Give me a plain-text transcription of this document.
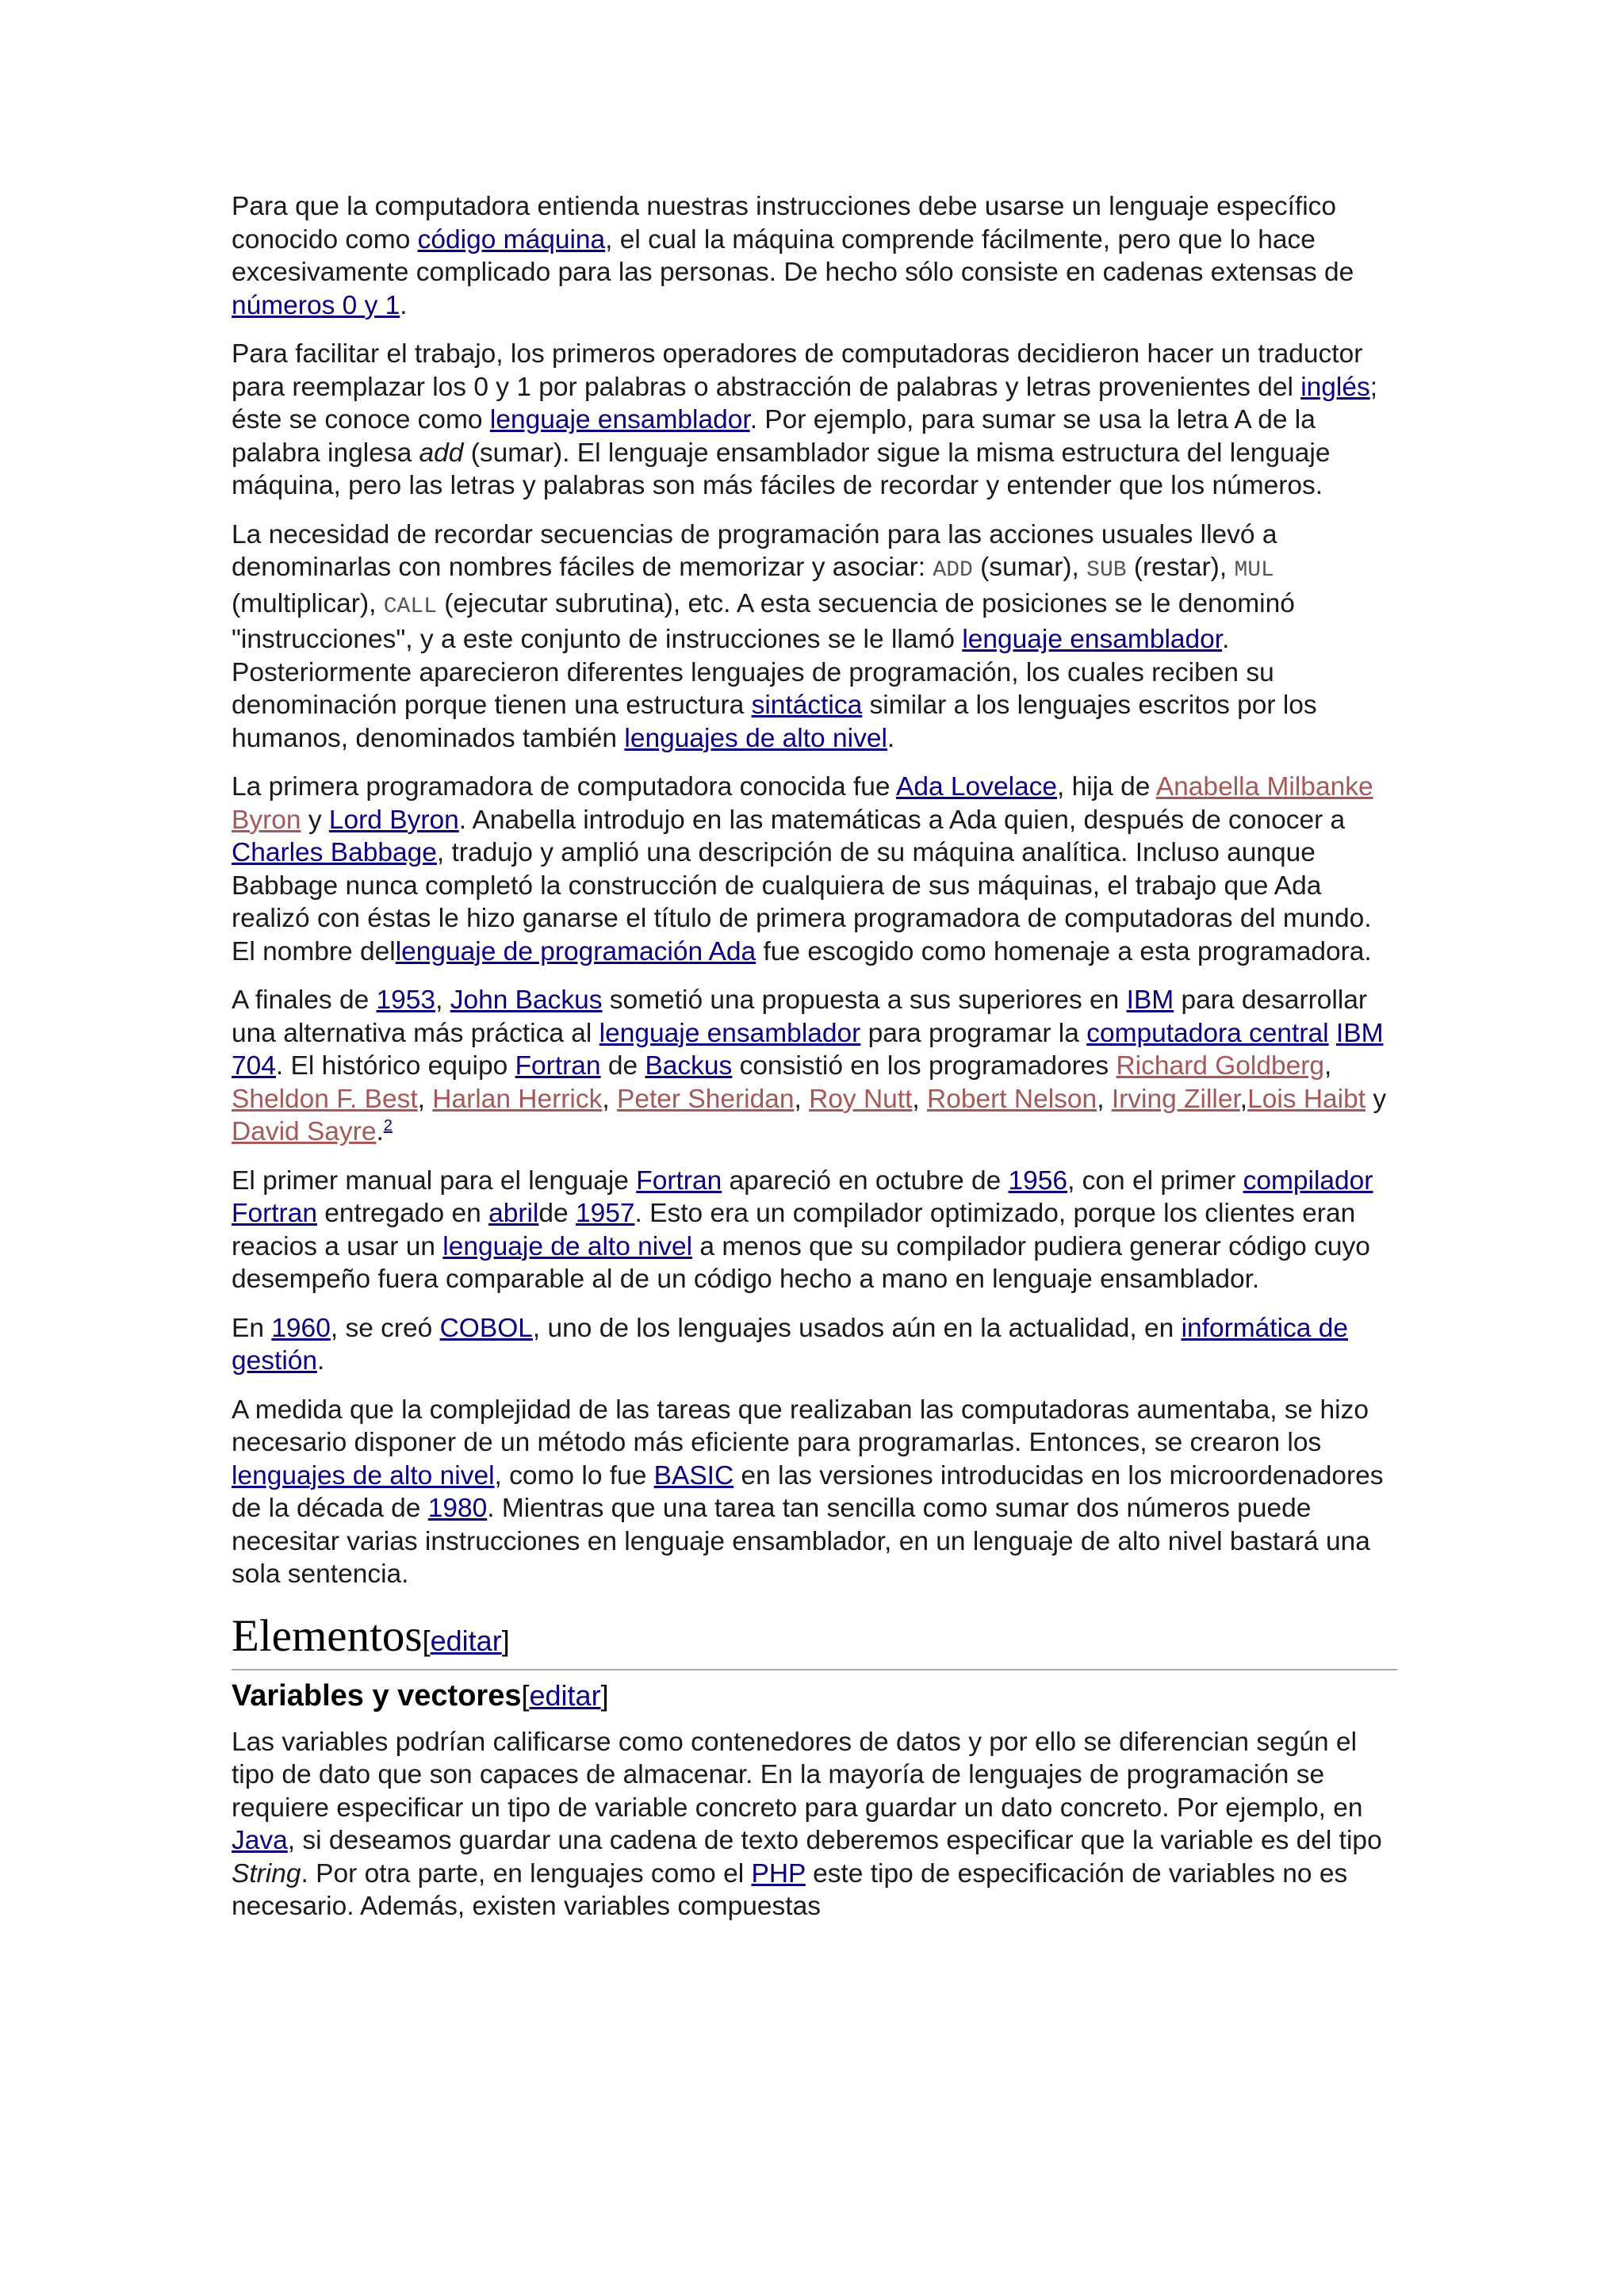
Para que la computadora entienda nuestras instrucciones debe usarse un lenguaje específico conocido como código máquina, el cual la máquina comprende fácilmente, pero que lo hace excesivamente complicado para las personas. De hecho sólo consiste en cadenas extensas de números 0 y 1.

Para facilitar el trabajo, los primeros operadores de computadoras decidieron hacer un traductor para reemplazar los 0 y 1 por palabras o abstracción de palabras y letras provenientes del inglés; éste se conoce como lenguaje ensamblador. Por ejemplo, para sumar se usa la letra A de la palabra inglesa add (sumar). El lenguaje ensamblador sigue la misma estructura del lenguaje máquina, pero las letras y palabras son más fáciles de recordar y entender que los números.

La necesidad de recordar secuencias de programación para las acciones usuales llevó a denominarlas con nombres fáciles de memorizar y asociar: ADD (sumar), SUB (restar), MUL (multiplicar), CALL (ejecutar subrutina), etc. A esta secuencia de posiciones se le denominó "instrucciones", y a este conjunto de instrucciones se le llamó lenguaje ensamblador. Posteriormente aparecieron diferentes lenguajes de programación, los cuales reciben su denominación porque tienen una estructura sintáctica similar a los lenguajes escritos por los humanos, denominados también lenguajes de alto nivel.

La primera programadora de computadora conocida fue Ada Lovelace, hija de Anabella Milbanke Byron y Lord Byron. Anabella introdujo en las matemáticas a Ada quien, después de conocer a Charles Babbage, tradujo y amplió una descripción de su máquina analítica. Incluso aunque Babbage nunca completó la construcción de cualquiera de sus máquinas, el trabajo que Ada realizó con éstas le hizo ganarse el título de primera programadora de computadoras del mundo. El nombre dellenguaje de programación Ada fue escogido como homenaje a esta programadora.

A finales de 1953, John Backus sometió una propuesta a sus superiores en IBM para desarrollar una alternativa más práctica al lenguaje ensamblador para programar la computadora central IBM 704. El histórico equipo Fortran de Backus consistió en los programadores Richard Goldberg, Sheldon F. Best, Harlan Herrick, Peter Sheridan, Roy Nutt, Robert Nelson, Irving Ziller,Lois Haibt y David Sayre.$^2$

El primer manual para el lenguaje Fortran apareció en octubre de 1956, con el primer compilador Fortran entregado en abrilde 1957. Esto era un compilador optimizado, porque los clientes eran reacios a usar un lenguaje de alto nivel a menos que su compilador pudiera generar código cuyo desempeño fuera comparable al de un código hecho a mano en lenguaje ensamblador.

En 1960, se creó COBOL, uno de los lenguajes usados aún en la actualidad, en informática de gestión.

A medida que la complejidad de las tareas que realizaban las computadoras aumentaba, se hizo necesario disponer de un método más eficiente para programarlas. Entonces, se crearon los lenguajes de alto nivel, como lo fue BASIC en las versiones introducidas en los microordenadores de la década de 1980. Mientras que una tarea tan sencilla como sumar dos números puede necesitar varias instrucciones en lenguaje ensamblador, en un lenguaje de alto nivel bastará una sola sentencia.

Elementos[editar]
Variables y vectores[editar]

Las variables podrían calificarse como contenedores de datos y por ello se diferencian según el tipo de dato que son capaces de almacenar. En la mayoría de lenguajes de programación se requiere especificar un tipo de variable concreto para guardar un dato concreto. Por ejemplo, en Java, si deseamos guardar una cadena de texto deberemos especificar que la variable es del tipo String. Por otra parte, en lenguajes como el PHP este tipo de especificación de variables no es necesario. Además, existen variables compuestas
